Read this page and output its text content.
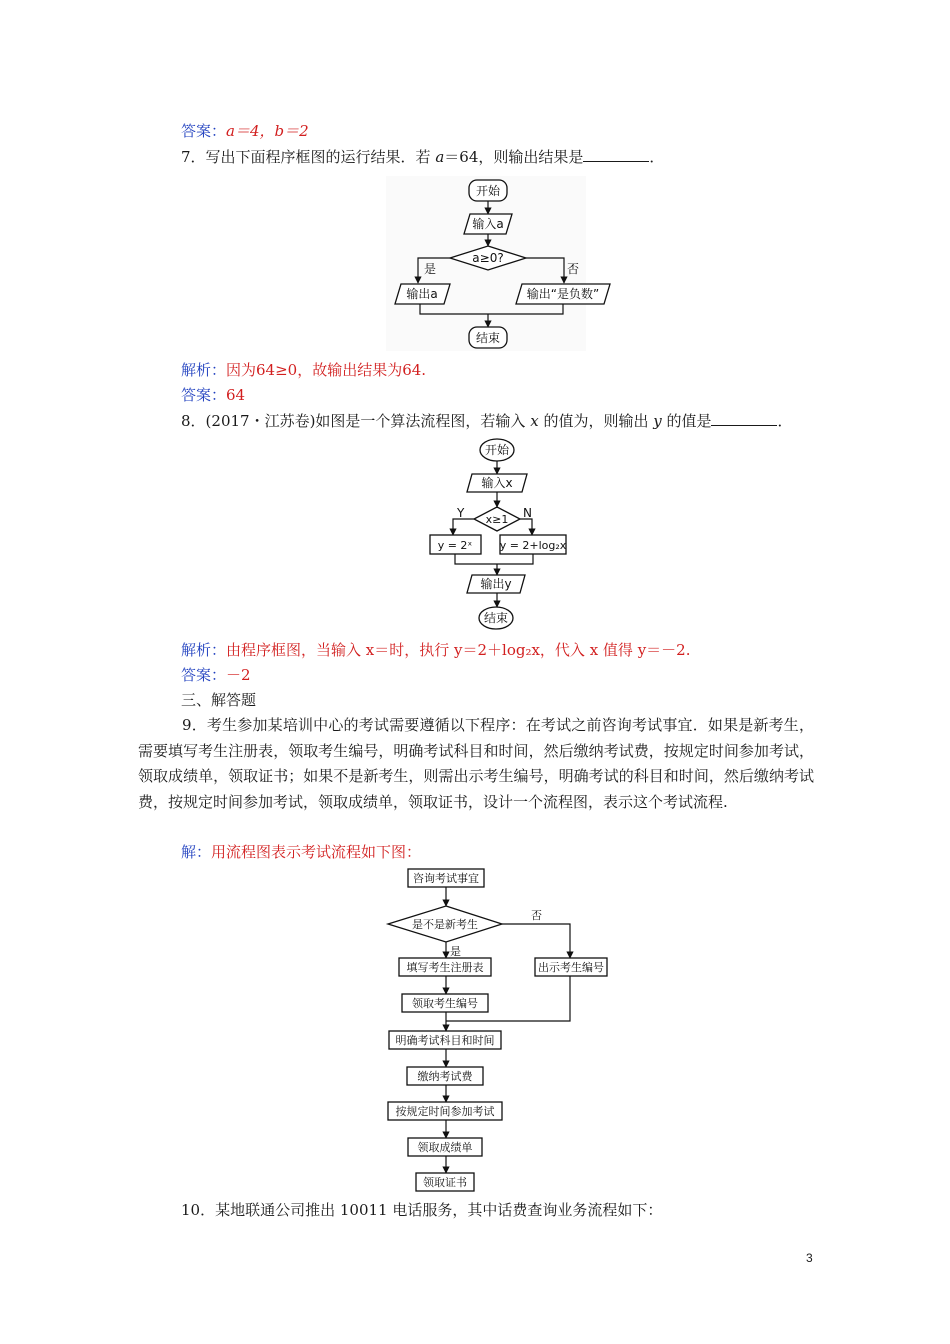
答案：a＝4，b＝2
7．写出下面程序框图的运行结果．若 a＝64，则输出结果是	．
开始
输入a
a≥0?
是	否
输出a	输出“是负数”
结束
解析：因为64≥0，故输出结果为64.
答案：64
8．(2017・江苏卷)如图是一个算法流程图，若输入 x 的值为，则输出 y 的值是	．
开始
输入x
x≥1
Y	N
y = 2ˣ y = 2+log₂x
输出y
结束
解析：由程序框图，当输入 x＝时，执行 y＝2＋log₂x，代入 x 值得 y＝－2.
答案：－2
三、解答题
9．考生参加某培训中心的考试需要遵循以下程序：在考试之前咨询考试事宜．如果是新考生，需要填写考生注册表，领取考生编号，明确考试科目和时间，然后缴纳考试费，按规定时间参加考试，领取成绩单，领取证书；如果不是新考生，则需出示考生编号，明确考试的科目和时间，然后缴纳考试费，按规定时间参加考试，领取成绩单，领取证书，设计一个流程图，表示这个考试流程.
解：用流程图表示考试流程如下图：
咨询考试事宜
是不是新考生
否
是
填写考生注册表	出示考生编号
领取考生编号
明确考试科目和时间
缴纳考试费
按规定时间参加考试
领取成绩单
领取证书
10．某地联通公司推出 10011 电话服务，其中话费查询业务流程如下：
3
